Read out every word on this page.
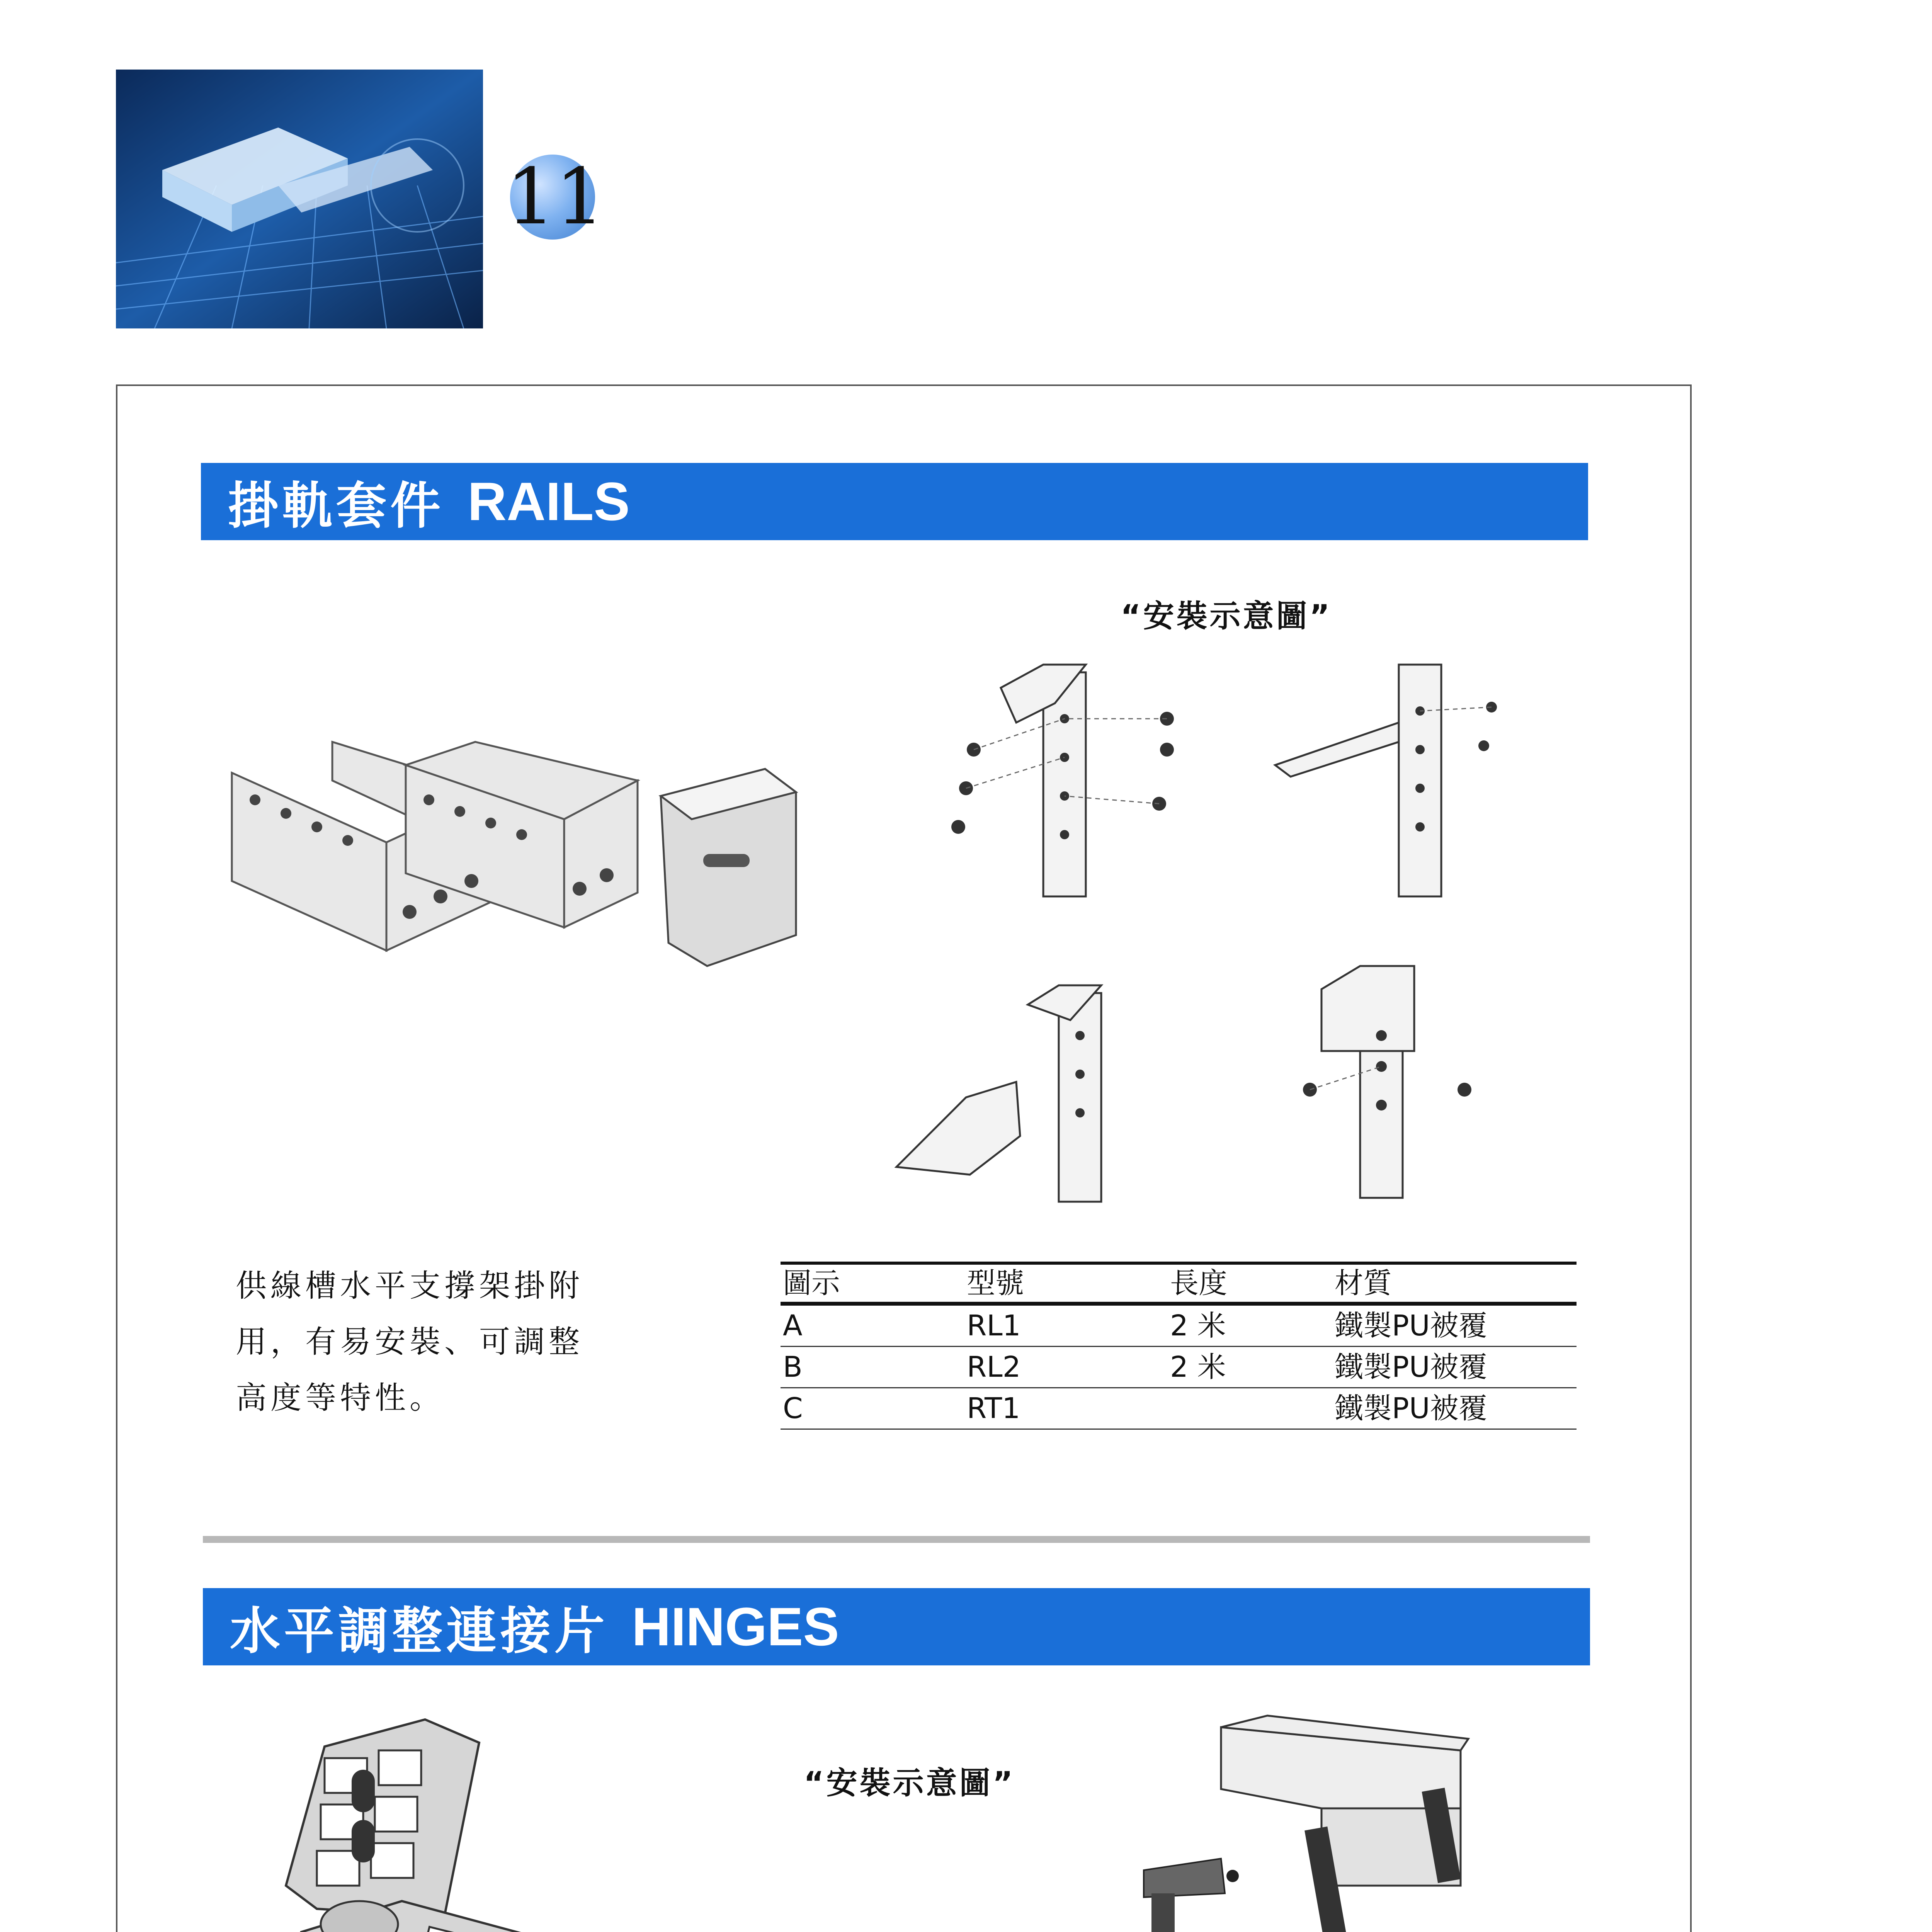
11
掛軌套件 RAILS
“安裝示意圖”
供線槽水平支撐架掛附
用，有易安裝、可調整
高度等特性。
圖示	型號	長度	材質
A	RL1	2 米	鐵製PU被覆
B	RL2	2 米	鐵製PU被覆
C	RT1		鐵製PU被覆
水平調整連接片 HINGES
“安裝示意圖”
